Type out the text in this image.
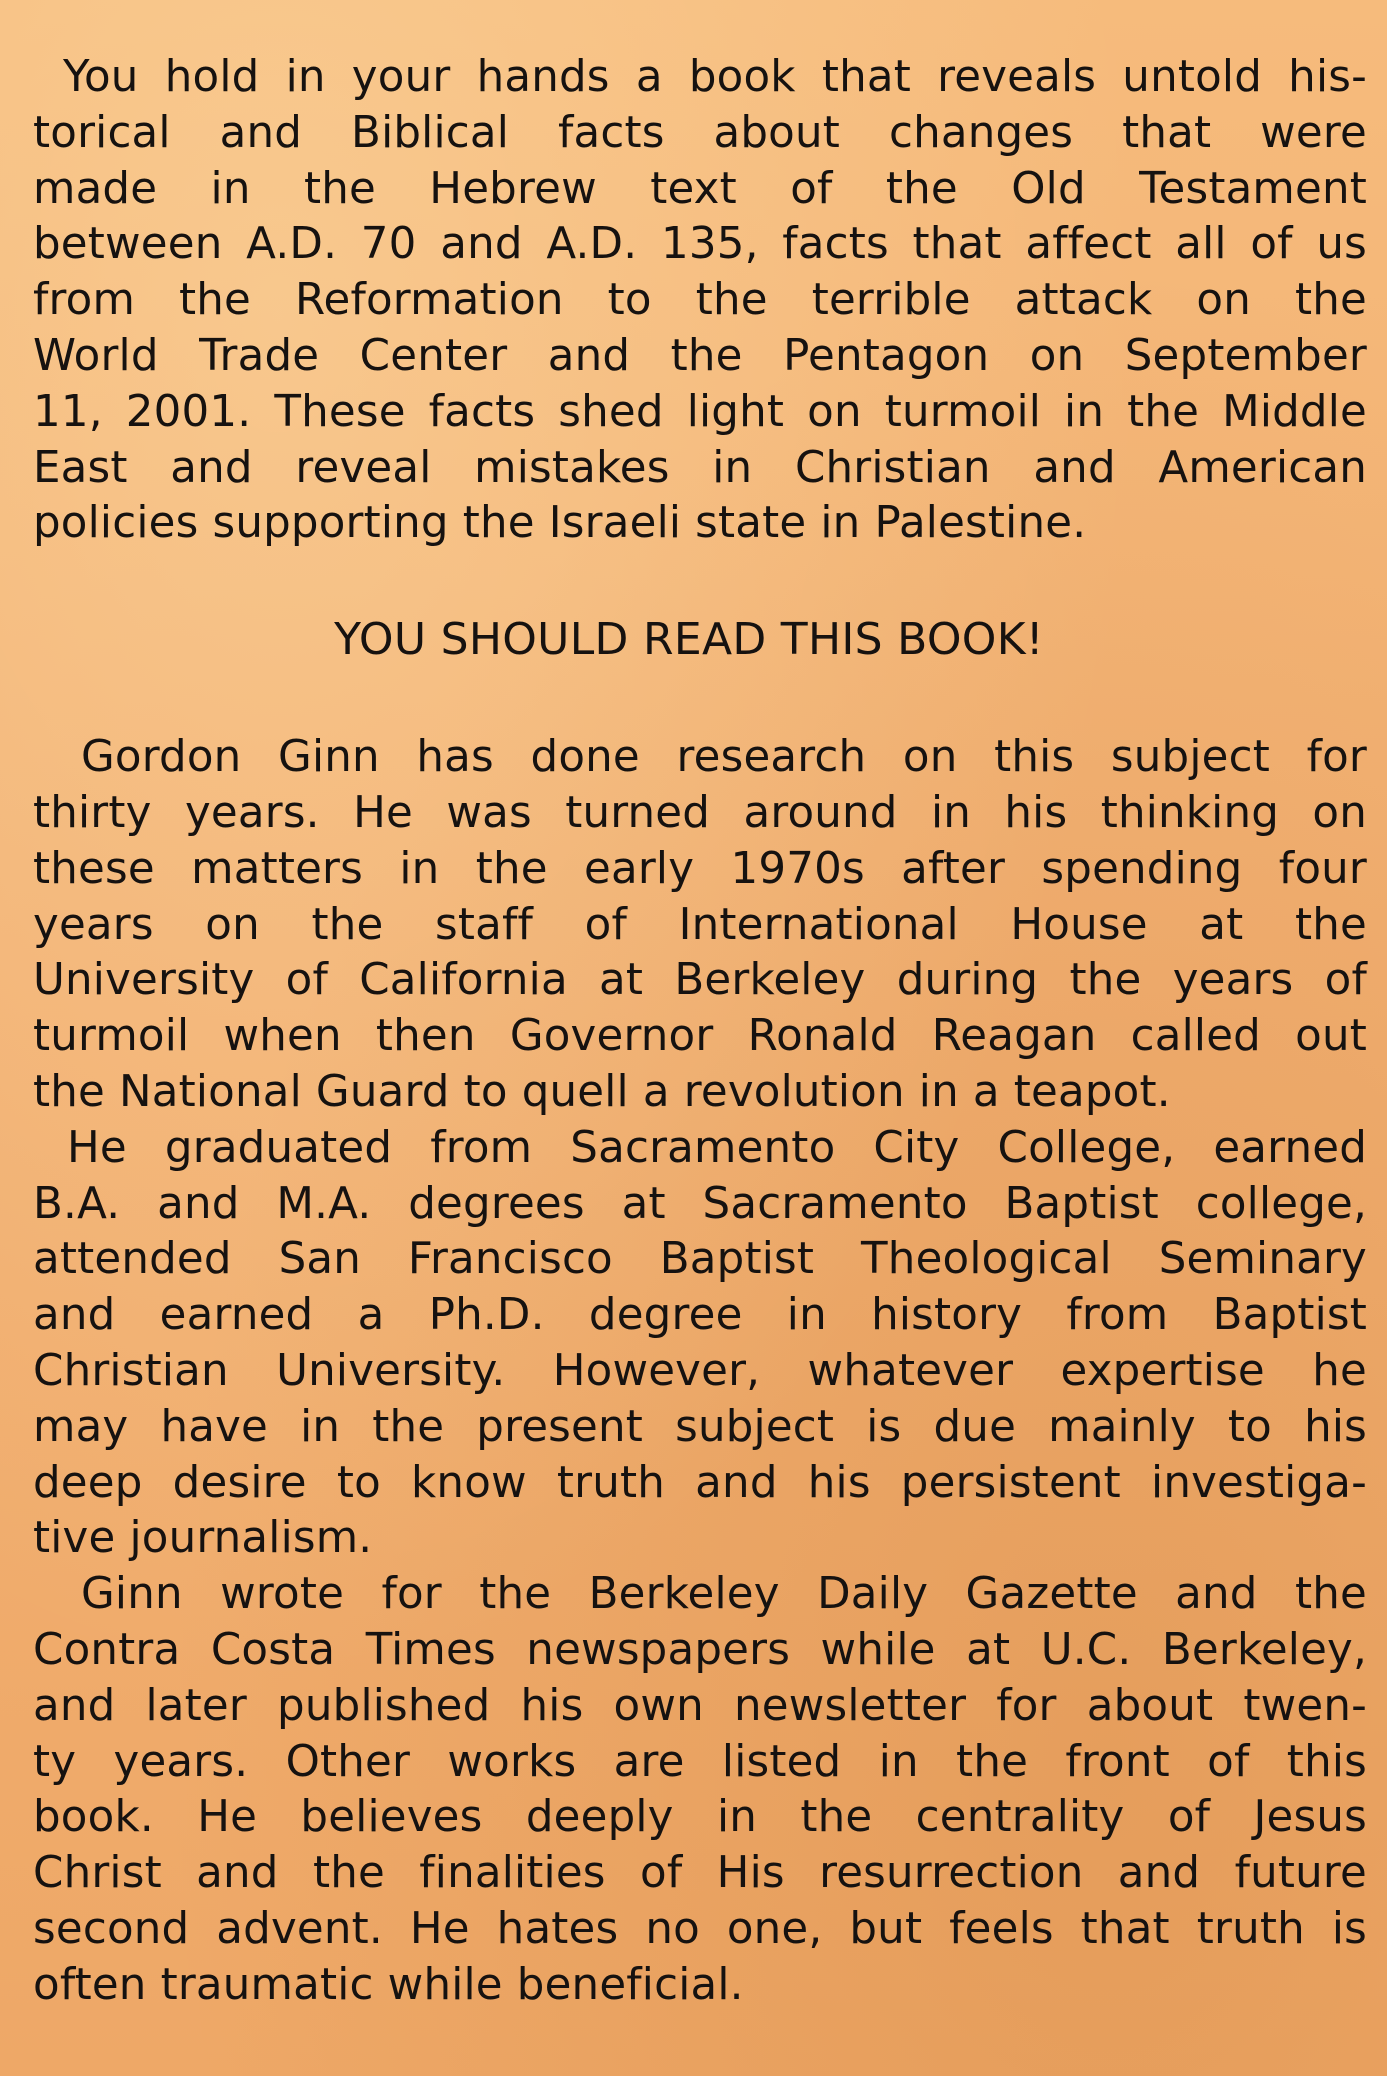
You hold in your hands a book that reveals untold his-
torical and Biblical facts about changes that were
made in the Hebrew text of the Old Testament
between A.D. 70 and A.D. 135, facts that affect all of us
from the Reformation to the terrible attack on the
World Trade Center and the Pentagon on September
11, 2001. These facts shed light on turmoil in the Middle
East and reveal mistakes in Christian and American
policies supporting the Israeli state in Palestine.

YOU SHOULD READ THIS BOOK!

Gordon Ginn has done research on this subject for
thirty years. He was turned around in his thinking on
these matters in the early 1970s after spending four
years on the staff of International House at the
University of California at Berkeley during the years of
turmoil when then Governor Ronald Reagan called out
the National Guard to quell a revolution in a teapot.

He graduated from Sacramento City College, earned
B.A. and M.A. degrees at Sacramento Baptist college,
attended San Francisco Baptist Theological Seminary
and earned a Ph.D. degree in history from Baptist
Christian University. However, whatever expertise he
may have in the present subject is due mainly to his
deep desire to know truth and his persistent investiga-
tive journalism.

Ginn wrote for the Berkeley Daily Gazette and the
Contra Costa Times newspapers while at U.C. Berkeley,
and later published his own newsletter for about twen-
ty years. Other works are listed in the front of this
book. He believes deeply in the centrality of Jesus
Christ and the finalities of His resurrection and future
second advent. He hates no one, but feels that truth is
often traumatic while beneficial.
